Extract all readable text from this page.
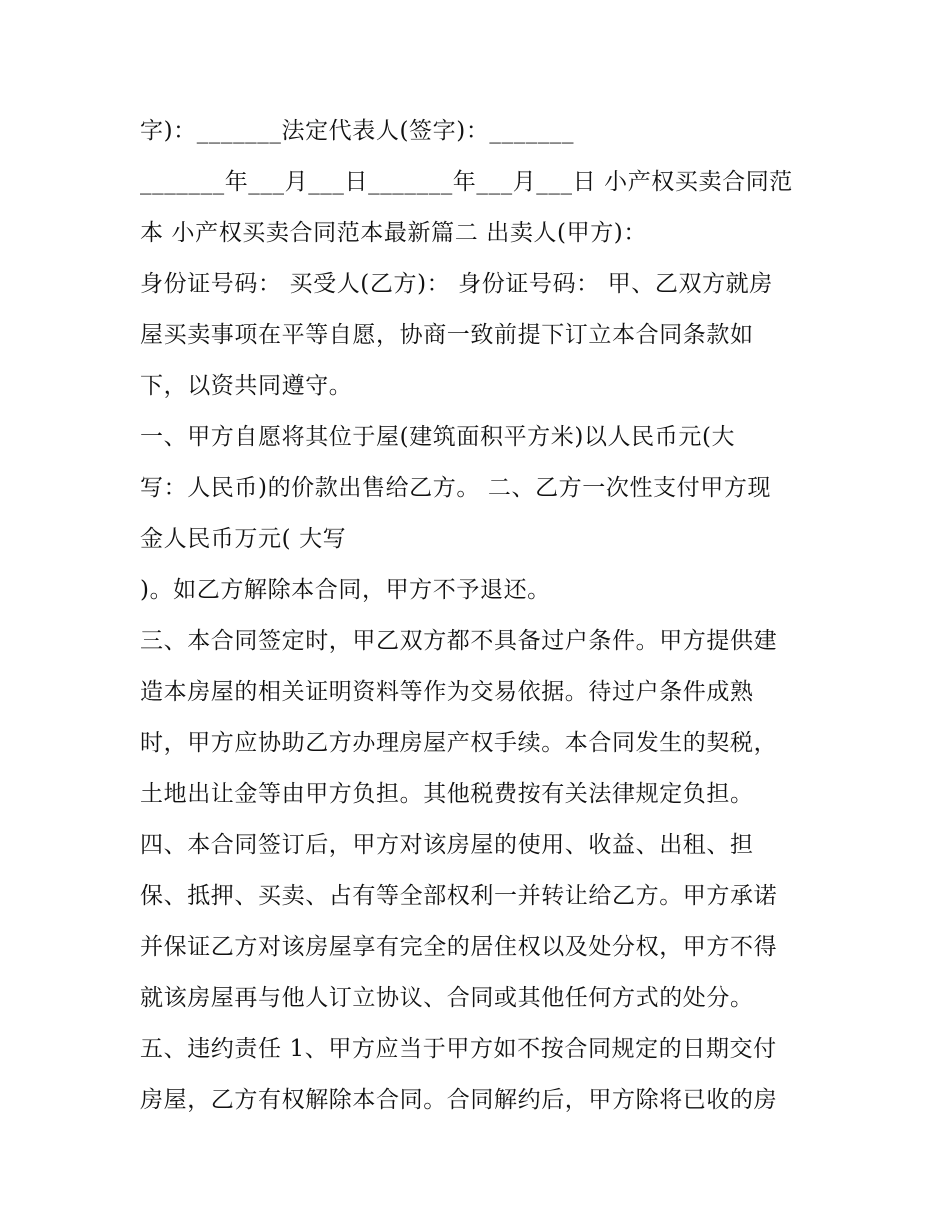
字)：_______法定代表人(签字)：_______
_______年___月___日_______年___月___日 小产权买卖合同范
本 小产权买卖合同范本最新篇二 出卖人(甲方)：
身份证号码： 买受人(乙方)： 身份证号码： 甲、乙双方就房
屋买卖事项在平等自愿，协商一致前提下订立本合同条款如
下，以资共同遵守。
一、甲方自愿将其位于屋(建筑面积平方米)以人民币元(大
写：人民币)的价款出售给乙方。 二、乙方一次性支付甲方现
金人民币万元( 大写
)。如乙方解除本合同，甲方不予退还。
三、本合同签定时，甲乙双方都不具备过户条件。甲方提供建
造本房屋的相关证明资料等作为交易依据。待过户条件成熟
时，甲方应协助乙方办理房屋产权手续。本合同发生的契税，
土地出让金等由甲方负担。其他税费按有关法律规定负担。
四、本合同签订后，甲方对该房屋的使用、收益、出租、担
保、抵押、买卖、占有等全部权利一并转让给乙方。甲方承诺
并保证乙方对该房屋享有完全的居住权以及处分权，甲方不得
就该房屋再与他人订立协议、合同或其他任何方式的处分。
五、违约责任 1、甲方应当于甲方如不按合同规定的日期交付
房屋，乙方有权解除本合同。合同解约后，甲方除将已收的房
